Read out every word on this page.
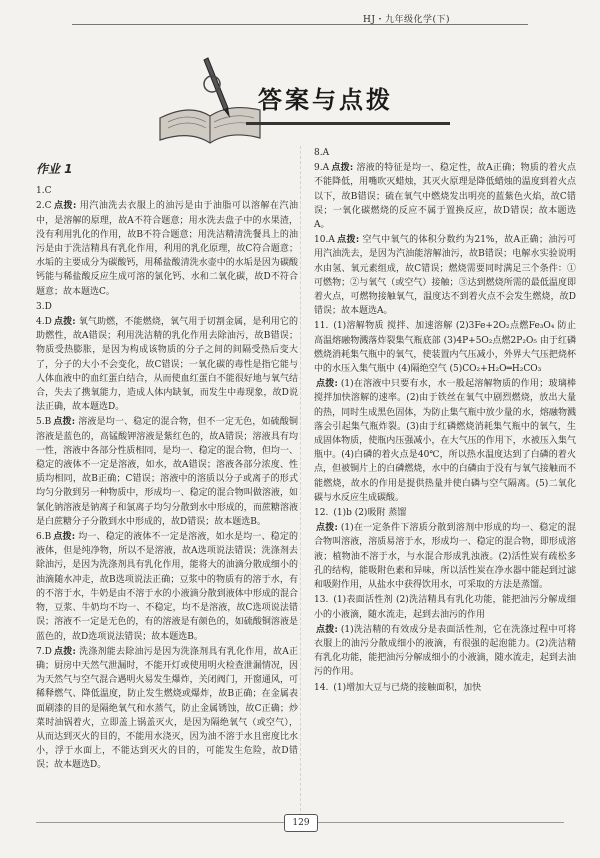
HJ・九年级化学(下)
答案与点拨
作业 1

1.C

2.C 点拨: 用汽油洗去衣服上的油污是由于油脂可以溶解在汽油中，是溶解的原理，故A不符合题意；用水洗去盘子中的水果渣，没有利用乳化的作用，故B不符合题意；用洗洁精清洗餐具上的油污是由于洗洁精具有乳化作用，利用的乳化原理，故C符合题意；水垢的主要成分为碳酸钙，用稀盐酸清洗水壶中的水垢是因为碳酸钙能与稀盐酸反应生成可溶的氯化钙、水和二氧化碳，故D不符合题意；故本题选C。

3.D

4.D 点拨: 氧气助燃，不能燃烧，氧气用于切割金属，是利用它的助燃性，故A错误；利用洗洁精的乳化作用去除油污，故B错误；物质受热膨胀，是因为构成该物质的分子之间的间隔受热后变大了，分子的大小不会变化，故C错误；一氧化碳的毒性是指它能与人体血液中的血红蛋白结合，从而使血红蛋白不能很好地与氧气结合，失去了携氧能力，造成人体内缺氧，而发生中毒现象，故D说法正确，故本题选D。

5.B 点拨: 溶液是均一、稳定的混合物，但不一定无色，如硫酸铜溶液是蓝色的，高锰酸钾溶液是紫红色的，故A错误；溶液具有均一性，溶液中各部分性质相同，是均一、稳定的混合物，但均一、稳定的液体不一定是溶液，如水，故A错误；溶液各部分浓度、性质均相同，故B正确；C错误；溶液中的溶质以分子或离子的形式均匀分散到另一种物质中，形成均一、稳定的混合物叫做溶液，如氯化钠溶液是钠离子和氯离子均匀分散到水中形成的，而蔗糖溶液是白蔗糖分子分散到水中形成的，故D错误；故本题选B。

6.B 点拨: 均一、稳定的液体不一定是溶液，如水是均一、稳定的液体，但是纯净物，所以不是溶液，故A选项说法错误；洗涤剂去除油污，是因为洗涤剂具有乳化作用，能将大的油滴分散成细小的油滴随水冲走，故B选项说法正确；豆浆中的物质有的溶于水，有的不溶于水，牛奶是由不溶于水的小液滴分散到液体中形成的混合物，豆浆、牛奶均不均一、不稳定，均不是溶液，故C选项说法错误；溶液不一定是无色的，有的溶液是有颜色的，如硫酸铜溶液是蓝色的，故D选项说法错误；故本题选B。

7.D 点拨: 洗涤剂能去除油污是因为洗涤剂具有乳化作用，故A正确；厨房中天然气泄漏时，不能开灯或使用明火检查泄漏情况，因为天然气与空气混合遇明火易发生爆炸，关闭阀门，开窗通风，可稀释燃气、降低温度，防止发生燃烧或爆炸，故B正确；在金属表面刷漆的目的是隔绝氧气和水蒸气，防止金属锈蚀，故C正确；炒菜时油锅着火，立即盖上锅盖灭火，是因为隔绝氧气（或空气），从而达到灭火的目的，不能用水浇灭，因为油不溶于水且密度比水小，浮于水面上，不能达到灭火的目的，可能发生危险，故D错误；故本题选D。

8.A

9.A 点拨: 溶液的特征是均一、稳定性，故A正确；物质的着火点不能降低，用嘴吹灭蜡烛，其灭火原理是降低蜡烛的温度到着火点以下，故B错误；硫在氧气中燃烧发出明亮的蓝紫色火焰，故C错误；一氧化碳燃烧的反应不属于置换反应，故D错误；故本题选A。

10.A 点拨: 空气中氧气的体积分数约为21%，故A正确；油污可用汽油洗去，是因为汽油能溶解油污，故B错误；电解水实验说明水由氢、氧元素组成，故C错误；燃烧需要同时满足三个条件：①可燃物；②与氧气（或空气）接触；③达到燃烧所需的最低温度即着火点，可燃物接触氧气，温度达不到着火点不会发生燃烧，故D错误；故本题选A。

11. (1)溶解物质 搅拌、加速溶解 (2)3Fe+2O₂点燃Fe₃O₄ 防止高温熔融物溅落炸裂集气瓶底部 (3)4P+5O₂点燃2P₂O₅ 由于红磷燃烧消耗集气瓶中的氧气，使装置内气压减小，外界大气压把烧杯中的水压入集气瓶中 (4)隔绝空气 (5)CO₂+H₂O═H₂CO₃

点拨: (1)在溶液中只要有水，水一般起溶解物质的作用；玻璃棒搅拌加快溶解的速率。(2)由于铁丝在氧气中剧烈燃烧，放出大量的热，同时生成黑色固体，为防止集气瓶中放少量的水，熔融物溅落会引起集气瓶炸裂。(3)由于红磷燃烧消耗集气瓶中的氧气，生成固体物质，使瓶内压强减小，在大气压的作用下，水被压入集气瓶中。(4)白磷的着火点是40℃，所以热水温度达到了白磷的着火点，但被铜片上的白磷燃烧，水中的白磷由于没有与氧气接触而不能燃烧，故水的作用是提供热量并使白磷与空气隔离。(5)二氧化碳与水反应生成碳酸。

12. (1)b (2)吸附 蒸馏

点拨: (1)在一定条件下溶质分散到溶剂中形成的均一、稳定的混合物叫溶液，溶质易溶于水，形成均一、稳定的混合物，即形成溶液；植物油不溶于水，与水混合形成乳浊液。(2)活性炭有疏松多孔的结构，能吸附色素和异味，所以活性炭在净水器中能起到过滤和吸附作用，从盐水中获得饮用水，可采取的方法是蒸馏。

13. (1)表面活性剂 (2)洗洁精具有乳化功能，能把油污分解成细小的小液滴，随水流走，起到去油污的作用

点拨: (1)洗洁精的有效成分是表面活性剂，它在洗涤过程中可将衣服上的油污分散成细小的液滴，有很强的起泡能力。(2)洗洁精有乳化功能，能把油污分解成细小的小液滴，随水流走，起到去油污的作用。

14. (1)增加大豆与已烧的接触面积，加快

129
